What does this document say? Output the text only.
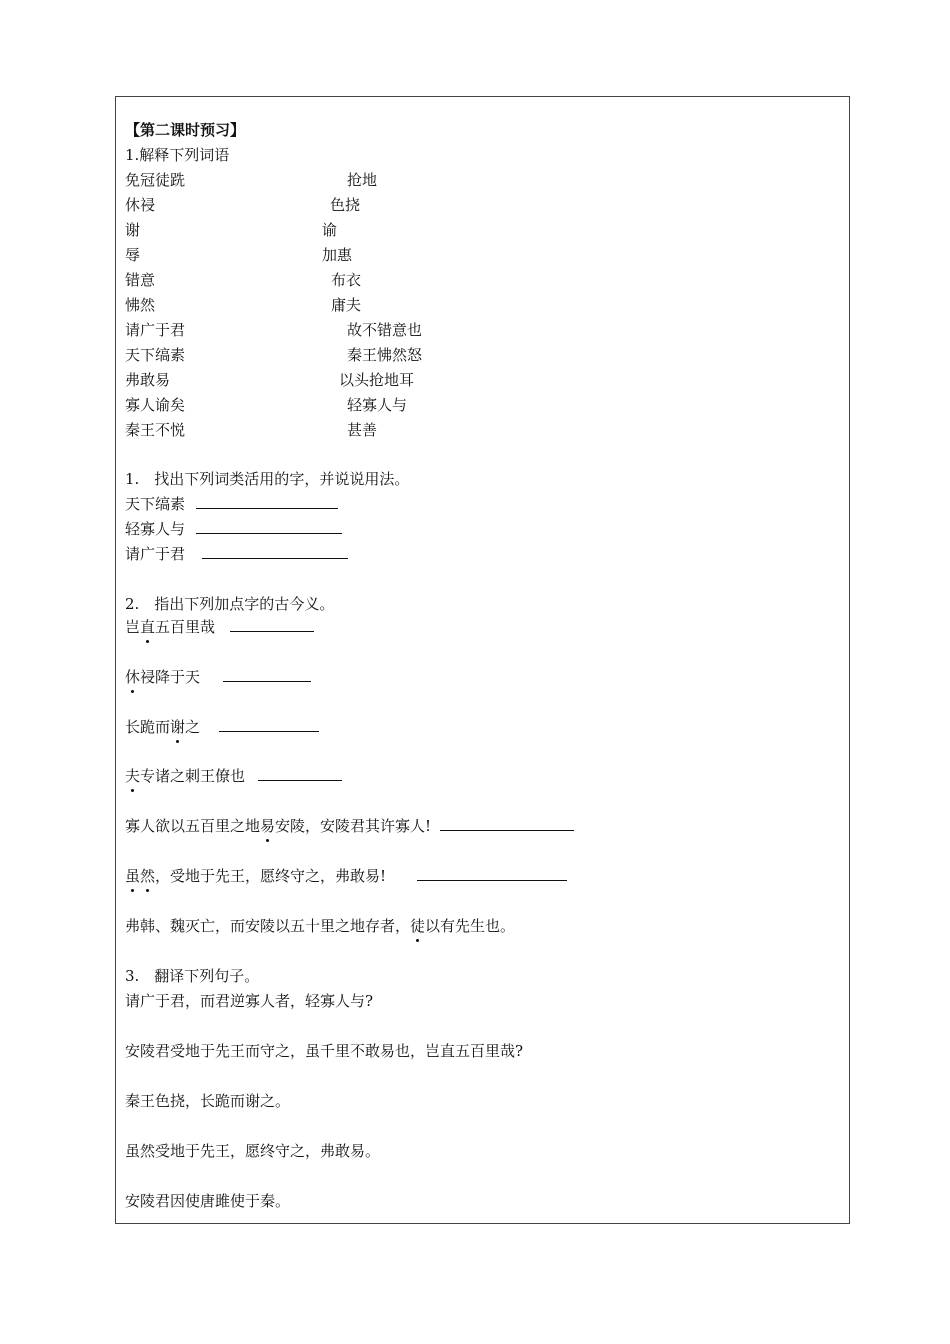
【第二课时预习】
1.解释下列词语
免冠徒跣	抢地
休祲	色挠
谢	谕
辱	加惠
错意	布衣
怫然	庸夫
请广于君	故不错意也
天下缟素	秦王怫然怒
弗敢易	以头抢地耳
寡人谕矣	轻寡人与
秦王不悦	甚善
1.　找出下列词类活用的字，并说说用法。
天下缟素
轻寡人与
请广于君
2.　指出下列加点字的古今义。
岂直五百里哉
休祲降于天
长跪而谢之
夫专诸之刺王僚也
寡人欲以五百里之地易安陵，安陵君其许寡人!
虽然，受地于先王，愿终守之，弗敢易!
弗韩、魏灭亡，而安陵以五十里之地存者，徒以有先生也。
3.　翻译下列句子。
请广于君，而君逆寡人者，轻寡人与?
安陵君受地于先王而守之，虽千里不敢易也，岂直五百里哉?
秦王色挠，长跪而谢之。
虽然受地于先王，愿终守之，弗敢易。
安陵君因使唐雎使于秦。
